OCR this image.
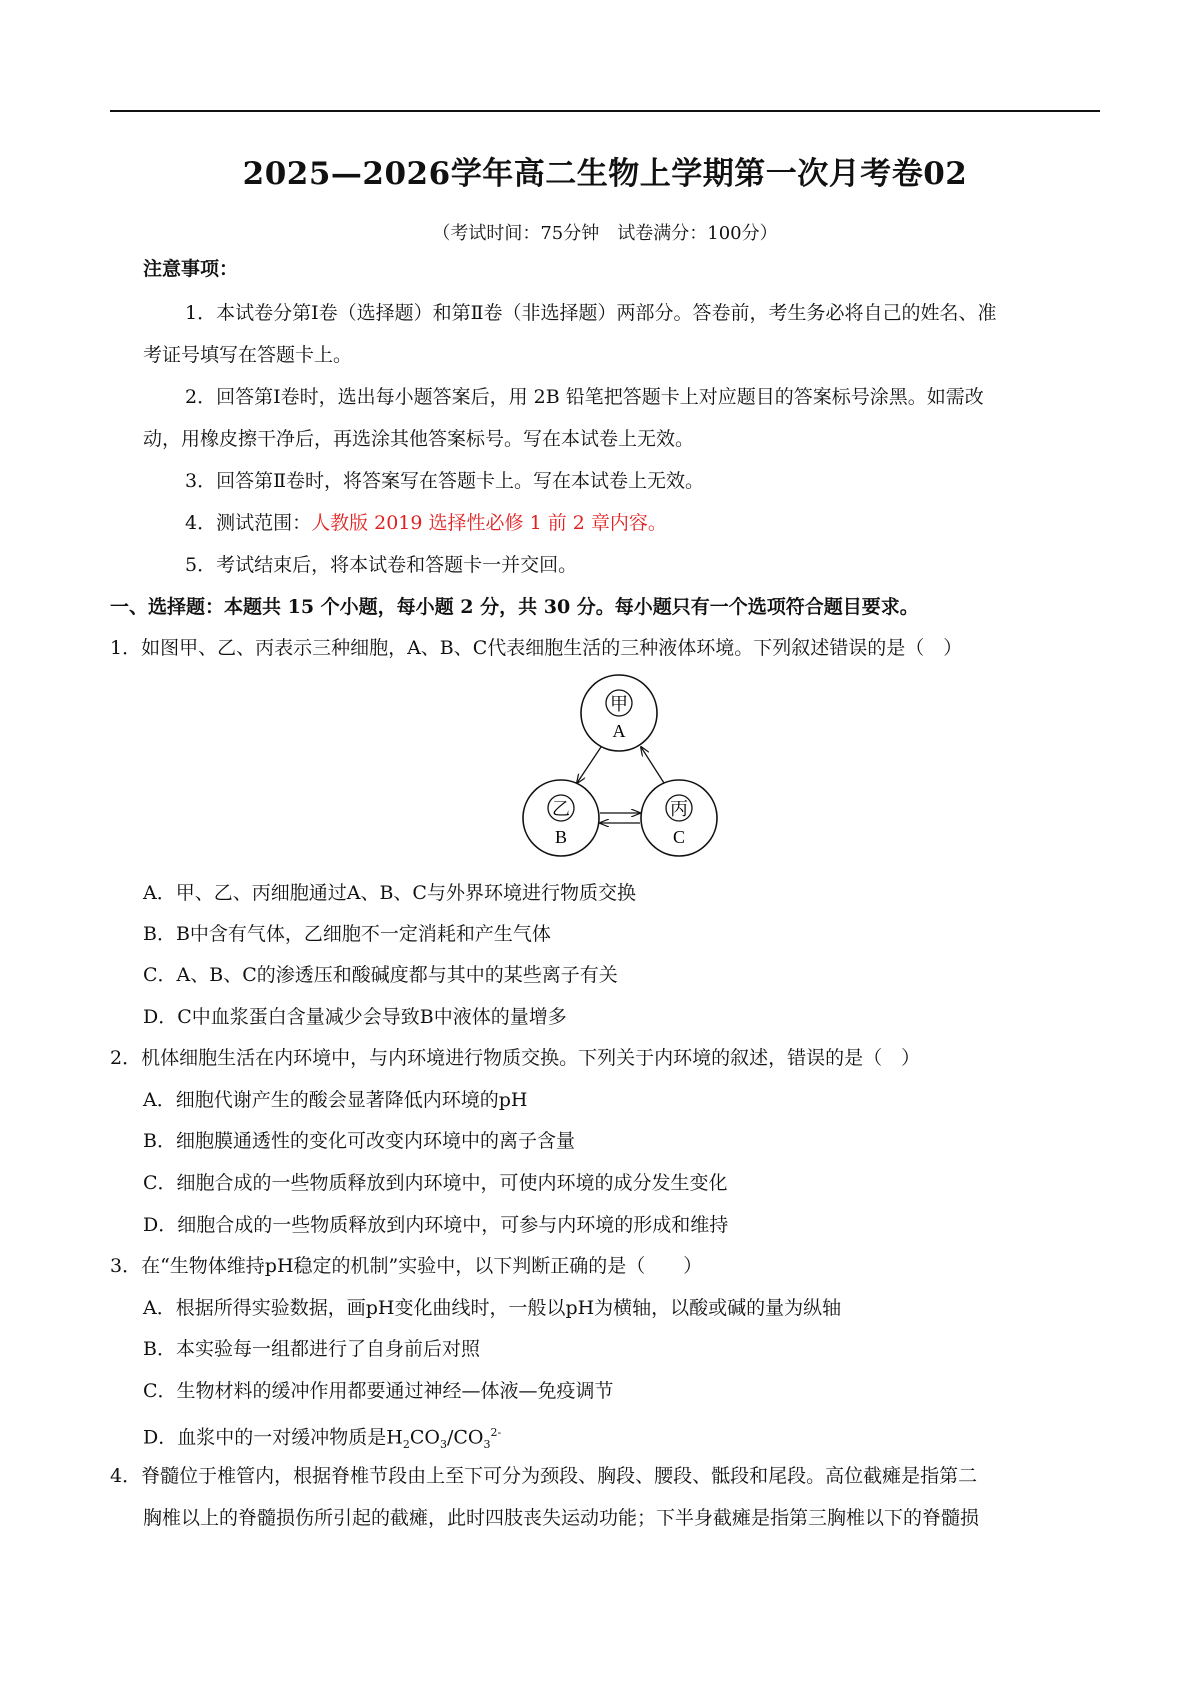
2025—2026学年高二生物上学期第一次月考卷02
（考试时间：75分钟　试卷满分：100分）
注意事项：
1．本试卷分第Ⅰ卷（选择题）和第Ⅱ卷（非选择题）两部分。答卷前，考生务必将自己的姓名、准
考证号填写在答题卡上。
2．回答第Ⅰ卷时，选出每小题答案后，用 2B 铅笔把答题卡上对应题目的答案标号涂黑。如需改
动，用橡皮擦干净后，再选涂其他答案标号。写在本试卷上无效。
3．回答第Ⅱ卷时，将答案写在答题卡上。写在本试卷上无效。
4．测试范围：人教版 2019 选择性必修 1 前 2 章内容。
5．考试结束后，将本试卷和答题卡一并交回。
一、选择题：本题共 15 个小题，每小题 2 分，共 30 分。每小题只有一个选项符合题目要求。
1．如图甲、乙、丙表示三种细胞，A、B、C代表细胞生活的三种液体环境。下列叙述错误的是（　）
甲
A
乙
B
丙
C
A．甲、乙、丙细胞通过A、B、C与外界环境进行物质交换
B．B中含有气体，乙细胞不一定消耗和产生气体
C．A、B、C的渗透压和酸碱度都与其中的某些离子有关
D．C中血浆蛋白含量减少会导致B中液体的量增多
2．机体细胞生活在内环境中，与内环境进行物质交换。下列关于内环境的叙述，错误的是（　）
A．细胞代谢产生的酸会显著降低内环境的pH
B．细胞膜通透性的变化可改变内环境中的离子含量
C．细胞合成的一些物质释放到内环境中，可使内环境的成分发生变化
D．细胞合成的一些物质释放到内环境中，可参与内环境的形成和维持
3．在“生物体维持pH稳定的机制”实验中，以下判断正确的是（　　）
A．根据所得实验数据，画pH变化曲线时，一般以pH为横轴，以酸或碱的量为纵轴
B．本实验每一组都进行了自身前后对照
C．生物材料的缓冲作用都要通过神经—体液—免疫调节
D．血浆中的一对缓冲物质是$H_2CO_3/CO_3^{2-}$
4．脊髓位于椎管内，根据脊椎节段由上至下可分为颈段、胸段、腰段、骶段和尾段。高位截瘫是指第二
胸椎以上的脊髓损伤所引起的截瘫，此时四肢丧失运动功能；下半身截瘫是指第三胸椎以下的脊髓损
